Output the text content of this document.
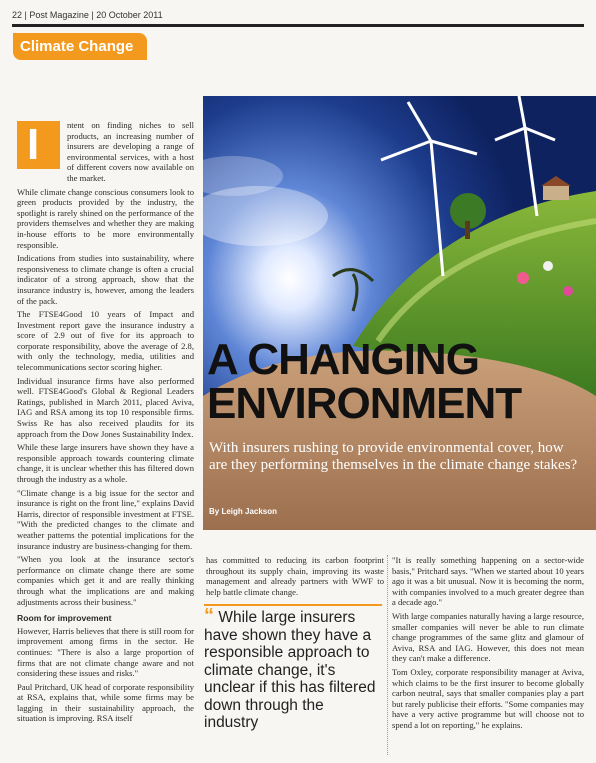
22 | Post Magazine | 20 October 2011
Climate Change
A CHANGING
ENVIRONMENT
With insurers rushing to provide environmental cover, how are they performing themselves in the climate change stakes?
By Leigh Jackson
I	ntent on finding niches to sell products, an increasing number of insurers are developing a range of environmental services, with a host of different covers now available on the market.

While climate change conscious consumers look to green products provided by the industry, the spotlight is rarely shined on the performance of the providers themselves and whether they are making in-house efforts to be more environmentally responsible.

Indications from studies into sustainability, where responsiveness to climate change is often a crucial indicator of a strong approach, show that the insurance industry is, however, among the leaders of the pack.

The FTSE4Good 10 years of Impact and Investment report gave the insurance industry a score of 2.9 out of five for its approach to corporate responsibility, above the average of 2.8, with only the technology, media, utilities and telecommunications sector scoring higher.

Individual insurance firms have also performed well. FTSE4Good's Global & Regional Leaders Ratings, published in March 2011, placed Aviva, IAG and RSA among its top 10 responsible firms. Swiss Re has also received plaudits for its approach from the Dow Jones Sustainability Index.

While these large insurers have shown they have a responsible approach towards countering climate change, it is unclear whether this has filtered down through the industry as a whole.

"Climate change is a big issue for the sector and insurance is right on the front line," explains David Harris, director of responsible investment at FTSE. "With the predicted changes to the climate and weather patterns the potential implications for the insurance industry are business-changing for them.

"When you look at the insurance sector's performance on climate change there are some companies which get it and are really thinking through what the implications are and making adjustments across their business."

Room for improvement

However, Harris believes that there is still room for improvement among firms in the sector. He continues: "There is also a large proportion of firms that are not climate change aware and not considering these issues and risks."

Paul Pritchard, UK head of corporate responsibility at RSA, explains that, while some firms may be lagging in their sustainability approach, the situation is improving. RSA itself

has committed to reducing its carbon footprint throughout its supply chain, improving its waste management and already partners with WWF to help battle climate change.

“ While large insurers have shown they have a responsible approach to climate change, it's unclear if this has filtered down through the industry

"It is really something happening on a sector-wide basis," Pritchard says. "When we started about 10 years ago it was a bit unusual. Now it is becoming the norm, with companies involved to a much greater degree than a decade ago."

With large companies naturally having a large resource, smaller companies will never be able to run climate change programmes of the same glitz and glamour of Aviva, RSA and IAG. However, this does not mean they can't make a difference.

Tom Oxley, corporate responsibility manager at Aviva, which claims to be the first insurer to become globally carbon neutral, says that smaller companies play a part but rarely publicise their efforts. "Some companies may have a very active programme but will choose not to spend a lot on reporting," he explains.
